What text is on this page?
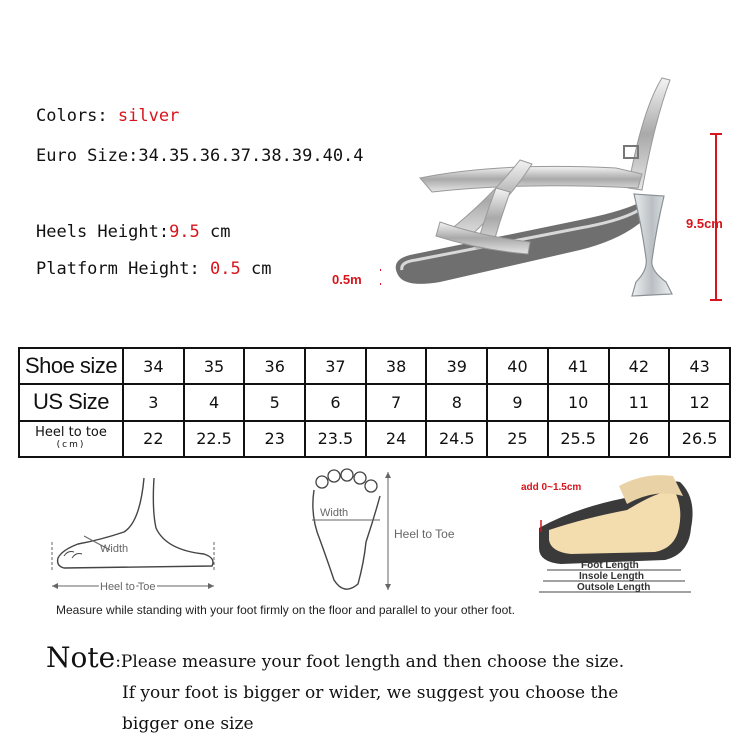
Colors: silver
Euro Size:34.35.36.37.38.39.40.4
Heels Height:9.5 cm
Platform Height: 0.5 cm
9.5cm
0.5m
Shoe size	34	35	36	37	38	39	40	41	42	43
US Size	3	4	5	6	7	8	9	10	11	12
Heel to toe
(cm)	22	22.5	23	23.5	24	24.5	25	25.5	26	26.5
Width
Heel to Toe
Width
Heel to Toe
add 0~1.5cm
Foot Length
Insole Length
Outsole Length
Measure while standing with your foot firmly on the floor and parallel to your other foot.
Note:Please measure your foot length and then choose the size.
If your foot is bigger or wider, we suggest you choose the
bigger one size
